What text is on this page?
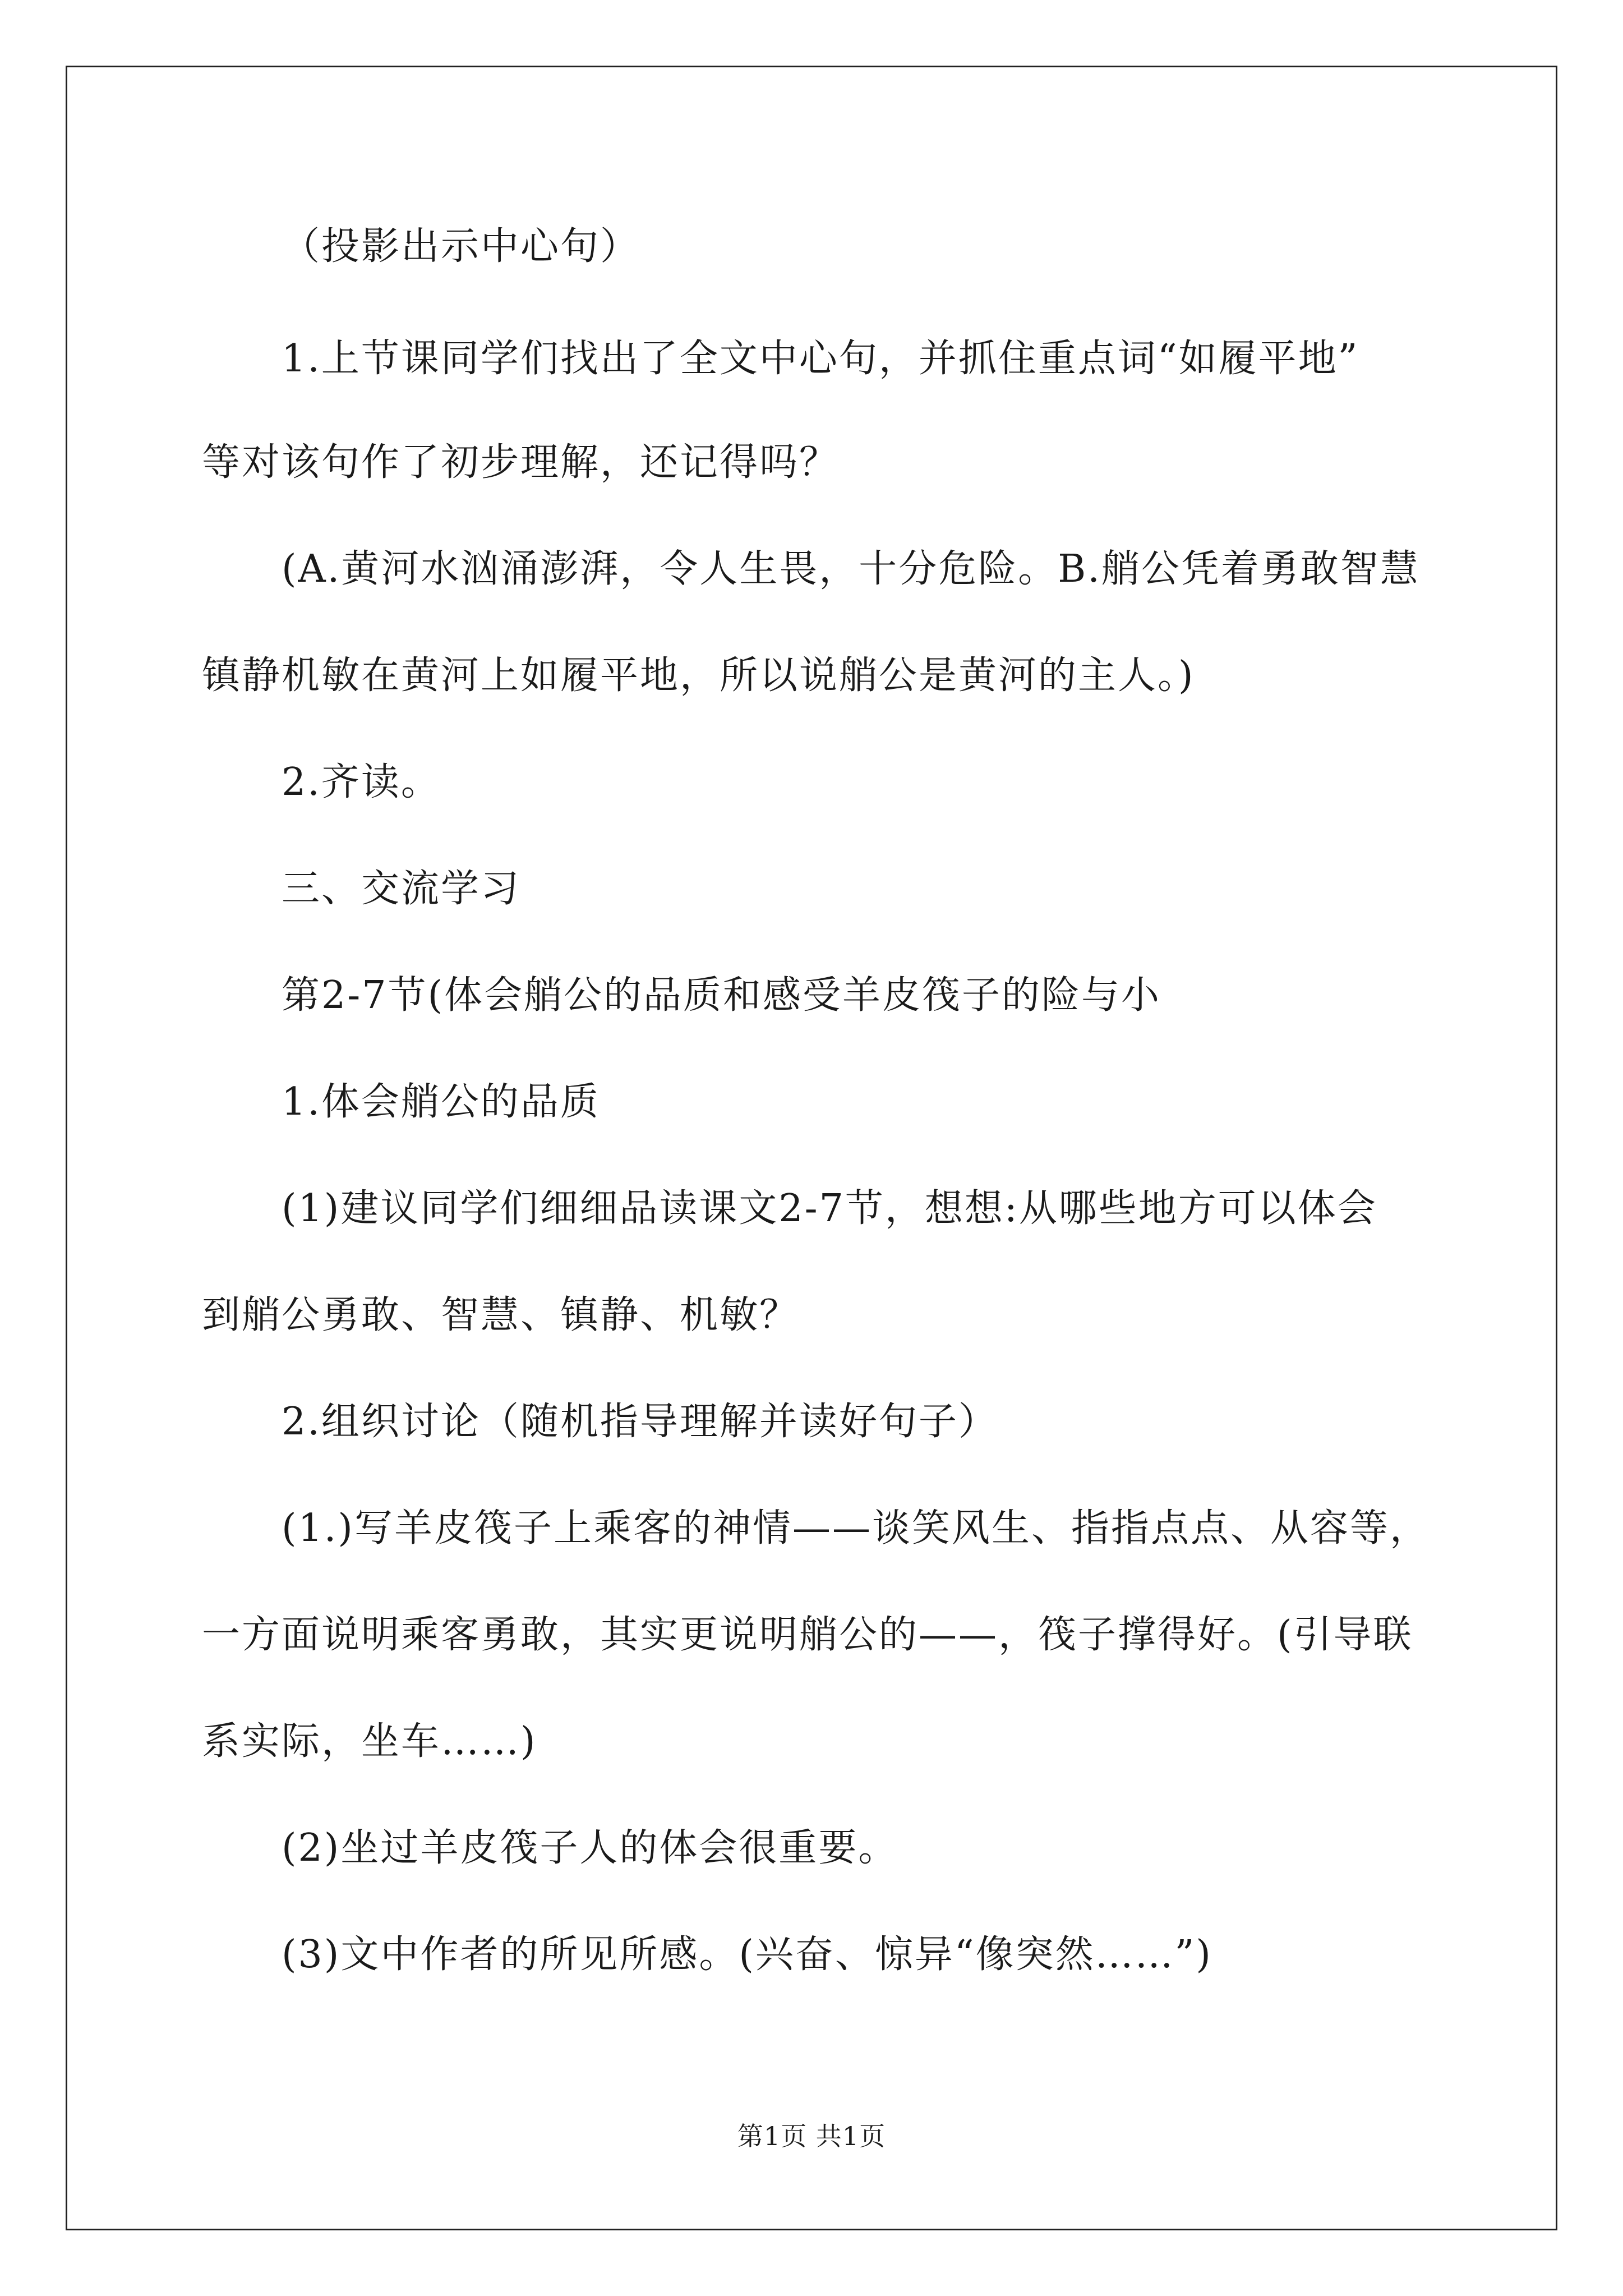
（投影出示中心句）
1.上节课同学们找出了全文中心句，并抓住重点词“如履平地”
等对该句作了初步理解，还记得吗？
(A.黄河水汹涌澎湃，令人生畏，十分危险。B.艄公凭着勇敢智慧
镇静机敏在黄河上如履平地，所以说艄公是黄河的主人。)
2.齐读。
三、交流学习
第2-7节(体会艄公的品质和感受羊皮筏子的险与小
1.体会艄公的品质
(1)建议同学们细细品读课文2-7节，想想:从哪些地方可以体会
到艄公勇敢、智慧、镇静、机敏？
2.组织讨论（随机指导理解并读好句子）
(1.)写羊皮筏子上乘客的神情——谈笑风生、指指点点、从容等，
一方面说明乘客勇敢，其实更说明艄公的——，筏子撑得好。(引导联
系实际，坐车……)
(2)坐过羊皮筏子人的体会很重要。
(3)文中作者的所见所感。(兴奋、惊异“像突然……”)
第1页 共1页
